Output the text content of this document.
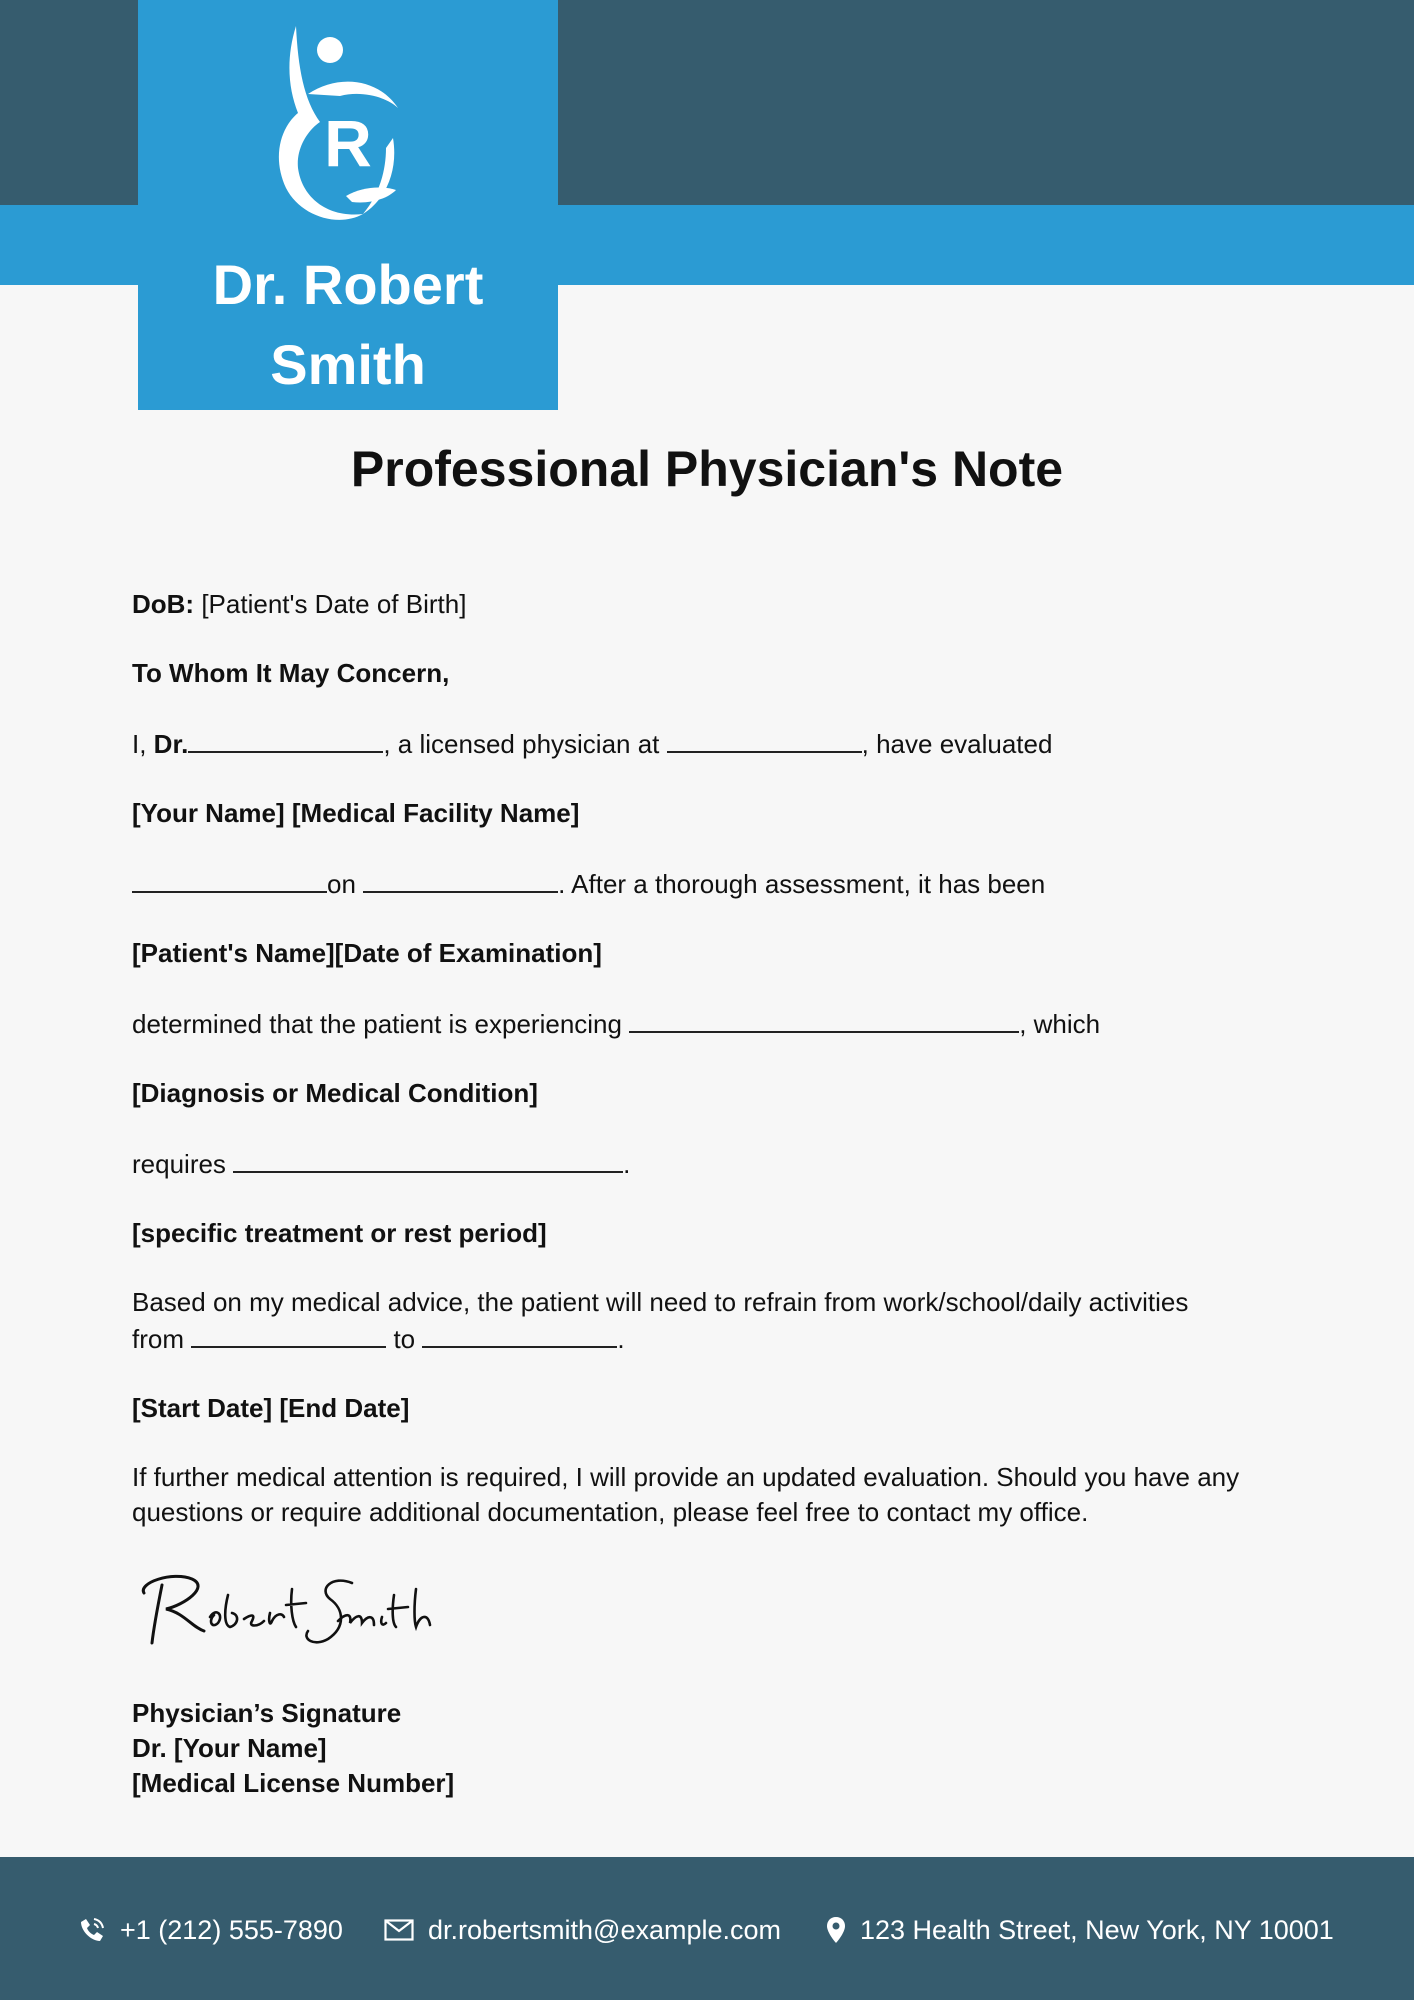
R
Dr. Robert
Smith
Professional Physician's Note

DoB: [Patient's Date of Birth]

To Whom It May Concern,

I, Dr.	, a licensed physician at	, have evaluated

[Your Name] [Medical Facility Name]

on	. After a thorough assessment, it has been

[Patient's Name][Date of Examination]

determined that the patient is experiencing	, which

[Diagnosis or Medical Condition]

requires	.

[specific treatment or rest period]

Based on my medical advice, the patient will need to refrain from work/school/daily activities
from	to	.

[Start Date] [End Date]

If further medical attention is required, I will provide an updated evaluation. Should you have any questions or require additional documentation, please feel free to contact my office.

Physician’s Signature
Dr. [Your Name]
[Medical License Number]
+1 (212) 555-7890	dr.robertsmith@example.com	123 Health Street, New York, NY 10001
